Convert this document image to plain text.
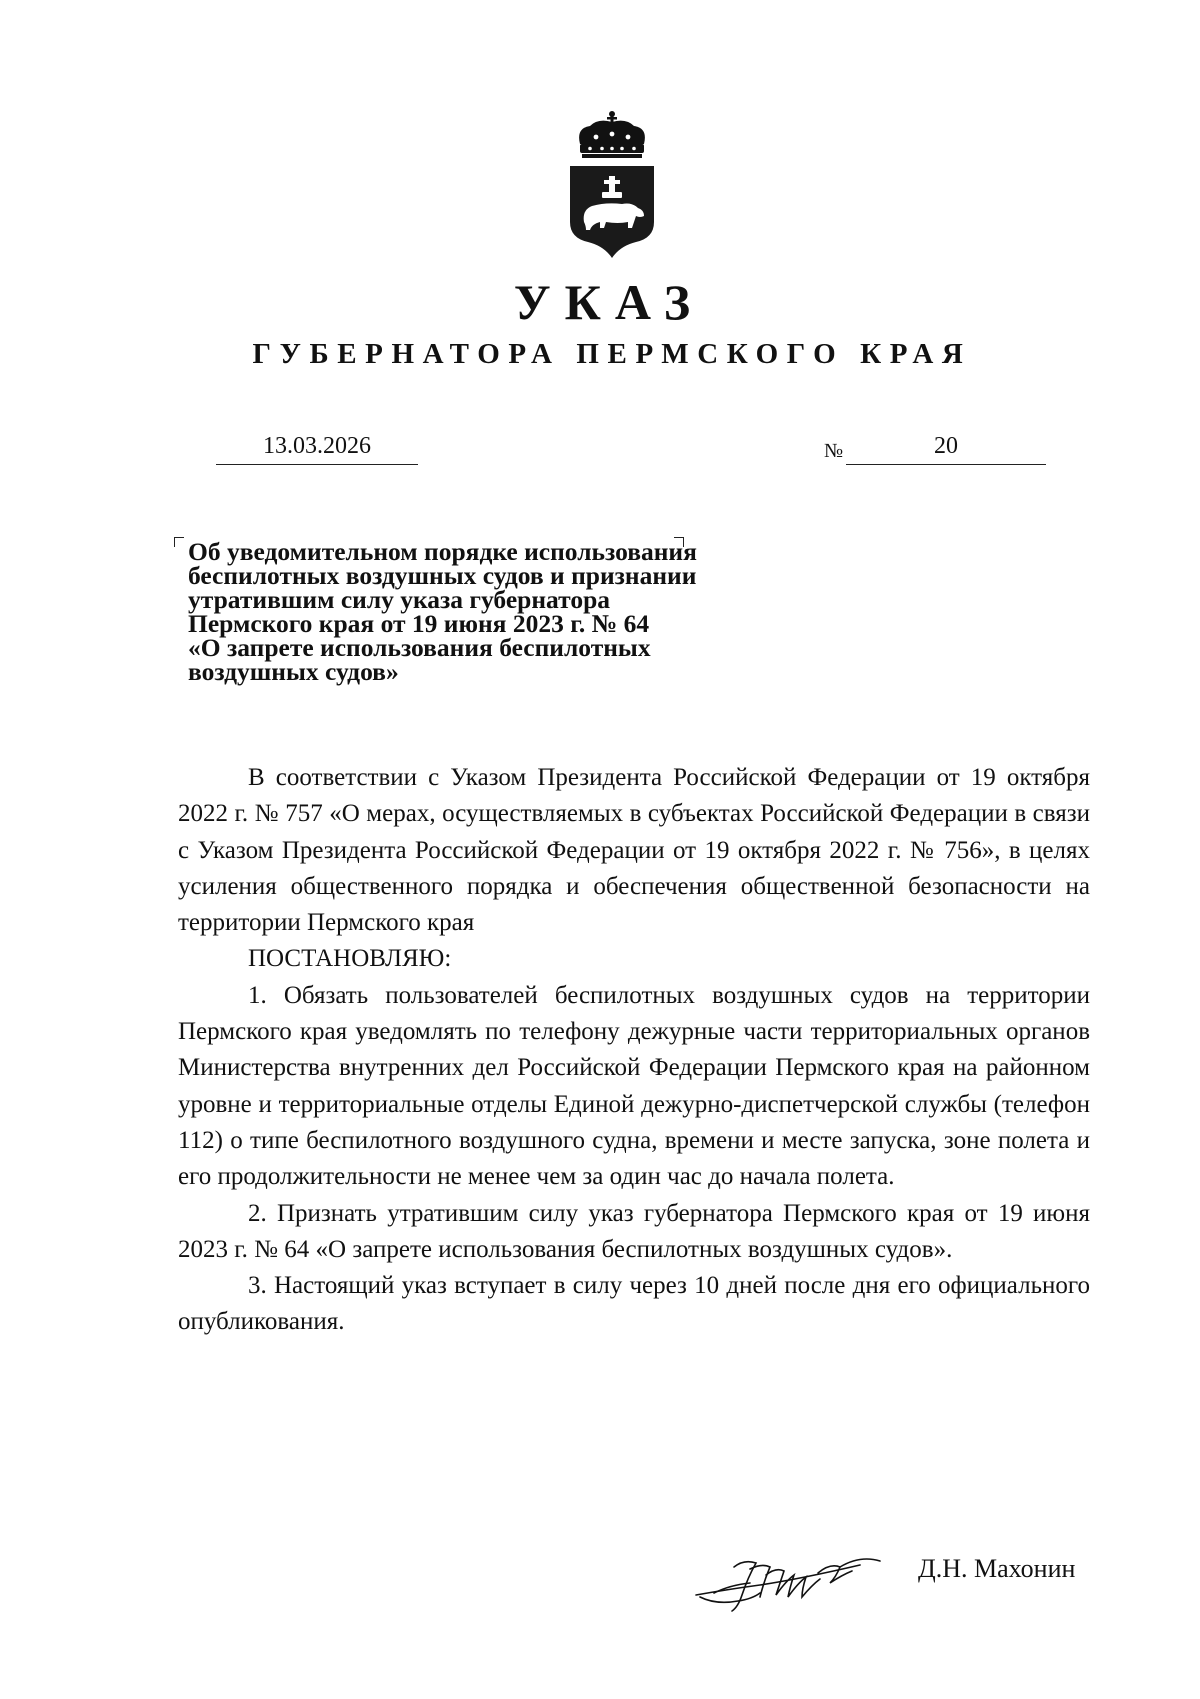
УКАЗ
ГУБЕРНАТОРА ПЕРМСКОГО КРАЯ
13.03.2026	№	20
Об уведомительном порядке использования
беспилотных воздушных судов и признании
утратившим силу указа губернатора
Пермского края от 19 июня 2023 г. № 64
«О запрете использования беспилотных
воздушных судов»

В соответствии с Указом Президента Российской Федерации от 19 октября 2022 г. № 757 «О мерах, осуществляемых в субъектах Российской Федерации в связи с Указом Президента Российской Федерации от 19 октября 2022 г. № 756», в целях усиления общественного порядка и обеспечения общественной безопасности на территории Пермского края

ПОСТАНОВЛЯЮ:

1. Обязать пользователей беспилотных воздушных судов на территории Пермского края уведомлять по телефону дежурные части территориальных органов Министерства внутренних дел Российской Федерации Пермского края на районном уровне и территориальные отделы Единой дежурно-диспетчерской службы (телефон 112) о типе беспилотного воздушного судна, времени и месте запуска, зоне полета и его продолжительности не менее чем за один час до начала полета.

2. Признать утратившим силу указ губернатора Пермского края от 19 июня 2023 г. № 64 «О запрете использования беспилотных воздушных судов».

3. Настоящий указ вступает в силу через 10 дней после дня его официального опубликования.

Д.Н. Махонин
